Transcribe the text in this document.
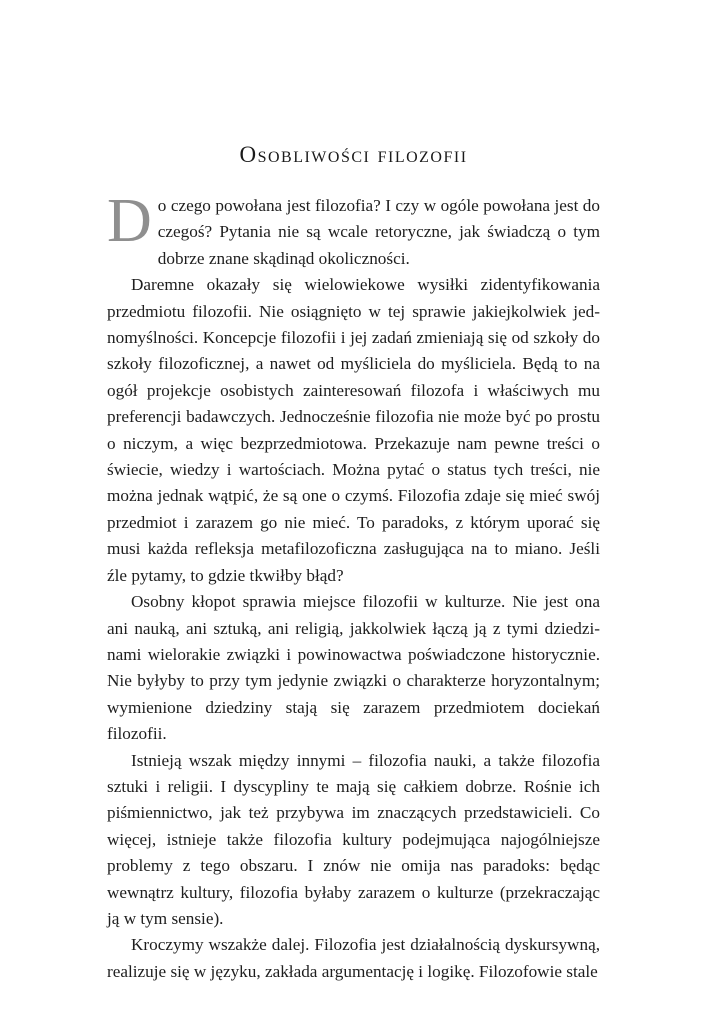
Osobliwości filozofii

Do czego powołana jest filozofia? I czy w ogóle powołana jest do czegoś? Pytania nie są wcale retoryczne, jak świadczą o tym dobrze znane skądinąd okoliczności.

Daremne okazały się wielowiekowe wysiłki zidentyfikowania przedmiotu filozofii. Nie osiągnięto w tej sprawie jakiejkolwiek jednomyślności. Koncepcje filozofii i jej zadań zmieniają się od szkoły do szkoły filozoficznej, a nawet od myśliciela do myśliciela. Będą to na ogół projekcje osobistych zainteresowań filozofa i właściwych mu preferencji badawczych. Jednocześnie filozofia nie może być po prostu o niczym, a więc bezprzedmiotowa. Przekazuje nam pewne treści o świecie, wiedzy i wartościach. Można pytać o status tych treści, nie można jednak wątpić, że są one o czymś. Filozofia zdaje się mieć swój przedmiot i zarazem go nie mieć. To paradoks, z którym uporać się musi każda refleksja metafilozoficzna zasługująca na to miano. Jeśli źle pytamy, to gdzie tkwiłby błąd?

Osobny kłopot sprawia miejsce filozofii w kulturze. Nie jest ona ani nauką, ani sztuką, ani religią, jakkolwiek łączą ją z tymi dziedzinami wielorakie związki i powinowactwa poświadczone historycznie. Nie byłyby to przy tym jedynie związki o charakterze horyzontalnym; wymienione dziedziny stają się zarazem przedmiotem dociekań filozofii.

Istnieją wszak między innymi – filozofia nauki, a także filozofia sztuki i religii. I dyscypliny te mają się całkiem dobrze. Rośnie ich piśmiennictwo, jak też przybywa im znaczących przedstawicieli. Co więcej, istnieje także filozofia kultury podejmująca najogólniejsze problemy z tego obszaru. I znów nie omija nas paradoks: będąc wewnątrz kultury, filozofia byłaby zarazem o kulturze (przekraczając ją w tym sensie).

Kroczymy wszakże dalej. Filozofia jest działalnością dyskursywną, realizuje się w języku, zakłada argumentację i logikę. Filozofowie stale
